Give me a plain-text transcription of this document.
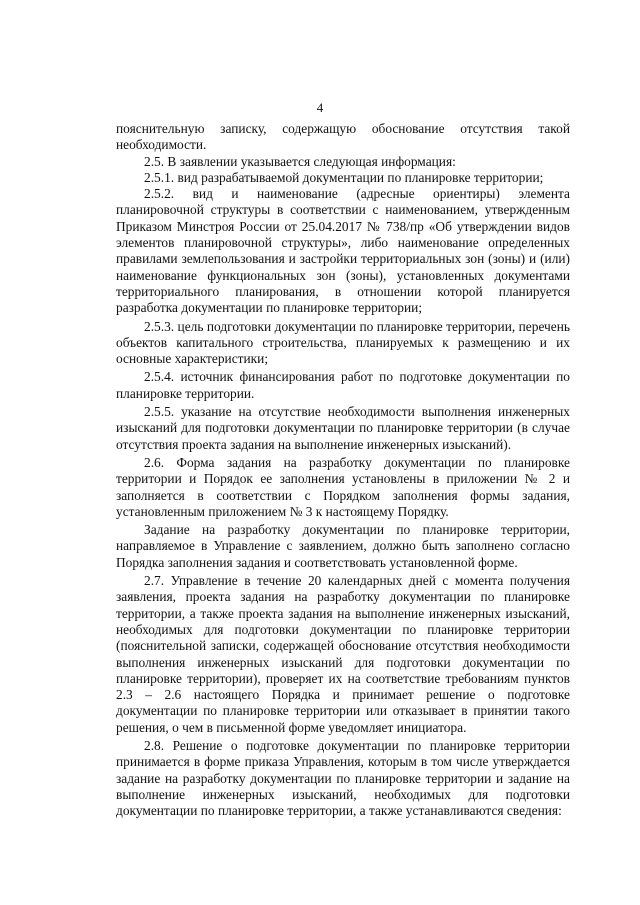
4

пояснительную записку, содержащую обоснование отсутствия такой необходимости.

2.5. В заявлении указывается следующая информация:

2.5.1. вид разрабатываемой документации по планировке территории;

2.5.2. вид и наименование (адресные ориентиры) элемента планировочной структуры в соответствии с наименованием, утвержденным Приказом Минстроя России от 25.04.2017 № 738/пр «Об утверждении видов элементов планировочной структуры», либо наименование определенных правилами землепользования и застройки территориальных зон (зоны) и (или) наименование функциональных зон (зоны), установленных документами территориального планирования, в отношении которой планируется разработка документации по планировке территории;

2.5.3. цель подготовки документации по планировке территории, перечень объектов капитального строительства, планируемых к размещению и их основные характеристики;

2.5.4. источник финансирования работ по подготовке документации по планировке территории.

2.5.5. указание на отсутствие необходимости выполнения инженерных изысканий для подготовки документации по планировке территории (в случае отсутствия проекта задания на выполнение инженерных изысканий).

2.6. Форма задания на разработку документации по планировке территории и Порядок ее заполнения установлены в приложении № 2 и заполняется в соответствии с Порядком заполнения формы задания, установленным приложением № 3 к настоящему Порядку.

Задание на разработку документации по планировке территории, направляемое в Управление с заявлением, должно быть заполнено согласно Порядка заполнения задания и соответствовать установленной форме.

2.7. Управление в течение 20 календарных дней с момента получения заявления, проекта задания на разработку документации по планировке территории, а также проекта задания на выполнение инженерных изысканий, необходимых для подготовки документации по планировке территории (пояснительной записки, содержащей обоснование отсутствия необходимости выполнения инженерных изысканий для подготовки документации по планировке территории), проверяет их на соответствие требованиям пунктов 2.3 – 2.6 настоящего Порядка и принимает решение о подготовке документации по планировке территории или отказывает в принятии такого решения, о чем в письменной форме уведомляет инициатора.

2.8. Решение о подготовке документации по планировке территории принимается в форме приказа Управления, которым в том числе утверждается задание на разработку документации по планировке территории и задание на выполнение инженерных изысканий, необходимых для подготовки документации по планировке территории, а также устанавливаются сведения:
